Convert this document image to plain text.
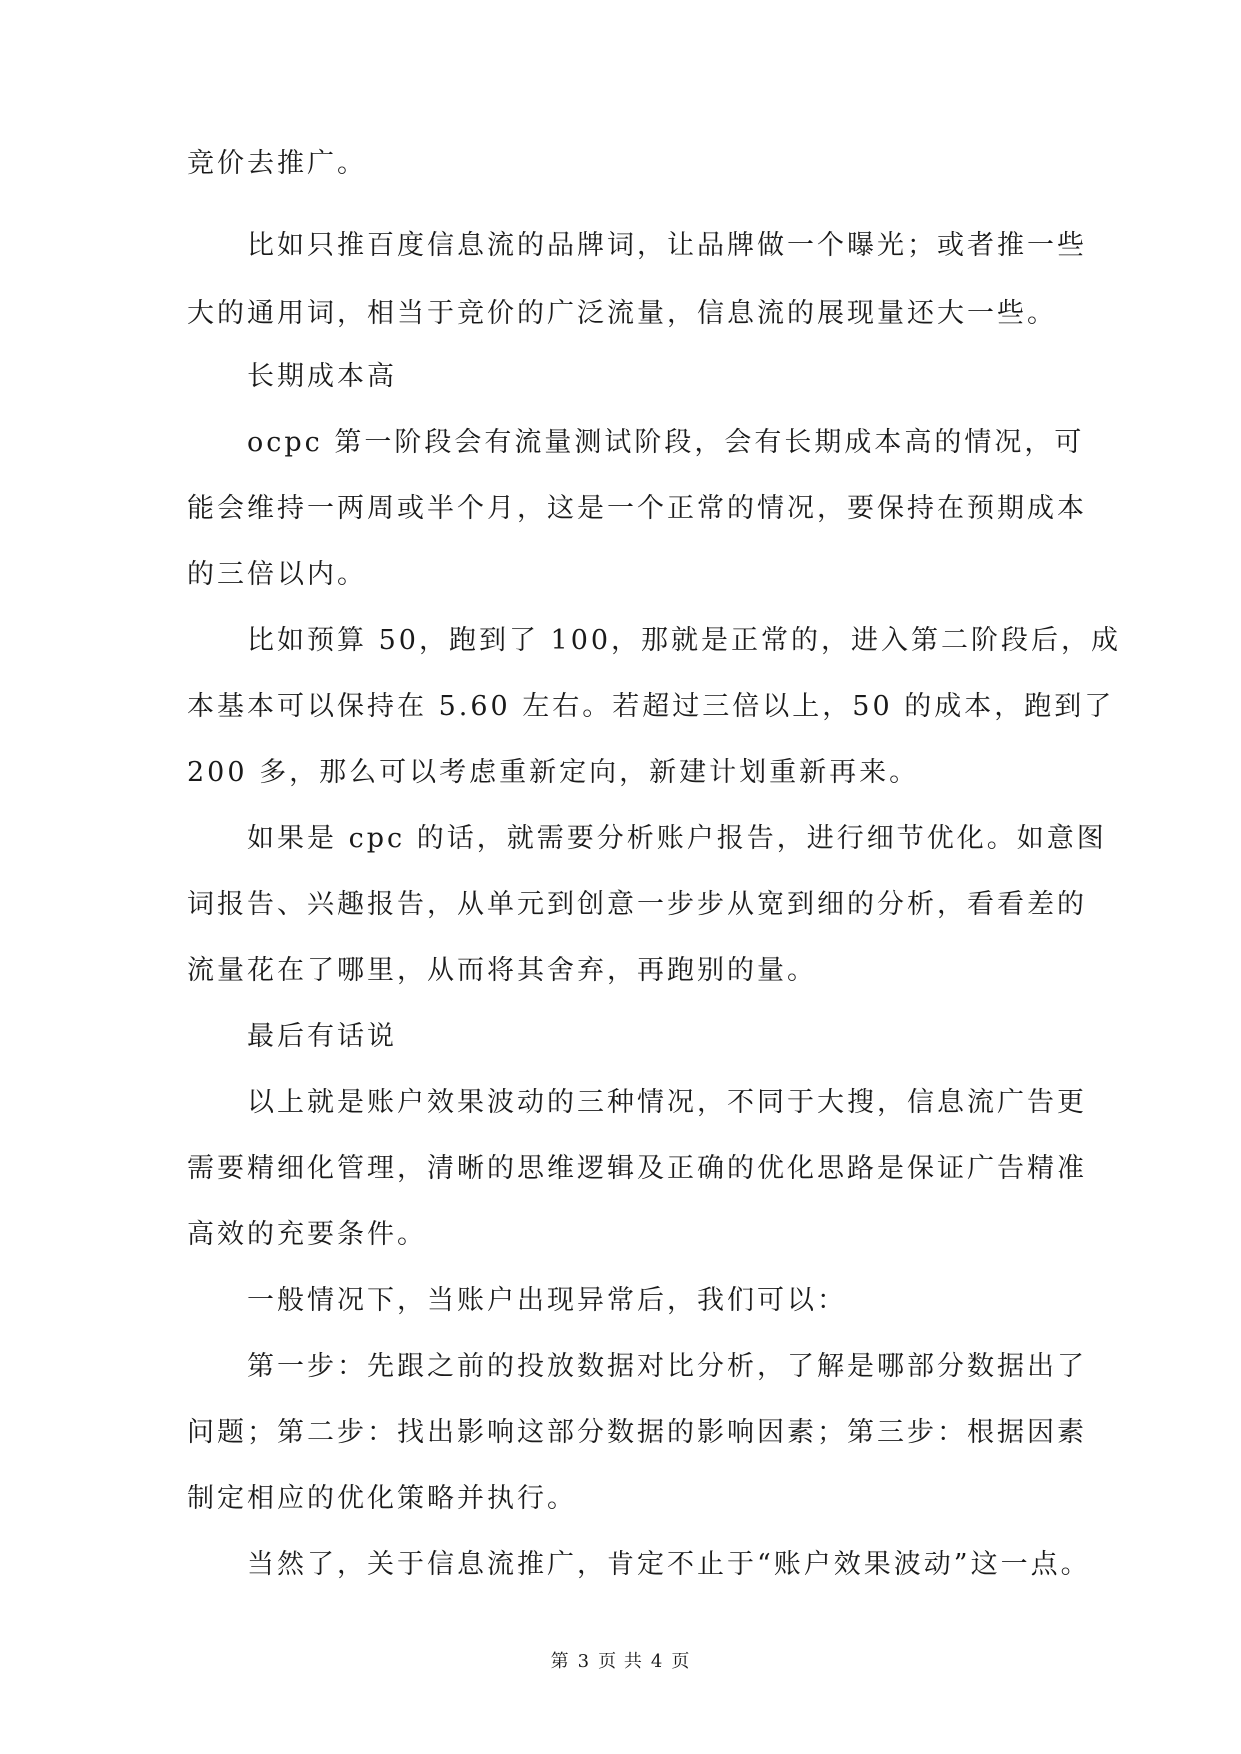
竞价去推广。
比如只推百度信息流的品牌词，让品牌做一个曝光；或者推一些
大的通用词，相当于竞价的广泛流量，信息流的展现量还大一些。
长期成本高
ocpc 第一阶段会有流量测试阶段，会有长期成本高的情况，可
能会维持一两周或半个月，这是一个正常的情况，要保持在预期成本
的三倍以内。
比如预算 50，跑到了 100，那就是正常的，进入第二阶段后，成
本基本可以保持在 5.60 左右。若超过三倍以上，50 的成本，跑到了
200 多，那么可以考虑重新定向，新建计划重新再来。
如果是 cpc 的话，就需要分析账户报告，进行细节优化。如意图
词报告、兴趣报告，从单元到创意一步步从宽到细的分析，看看差的
流量花在了哪里，从而将其舍弃，再跑别的量。
最后有话说
以上就是账户效果波动的三种情况，不同于大搜，信息流广告更
需要精细化管理，清晰的思维逻辑及正确的优化思路是保证广告精准
高效的充要条件。
一般情况下，当账户出现异常后，我们可以：
第一步：先跟之前的投放数据对比分析，了解是哪部分数据出了
问题；第二步：找出影响这部分数据的影响因素；第三步：根据因素
制定相应的优化策略并执行。
当然了，关于信息流推广，肯定不止于“账户效果波动”这一点。
第 3 页 共 4 页
